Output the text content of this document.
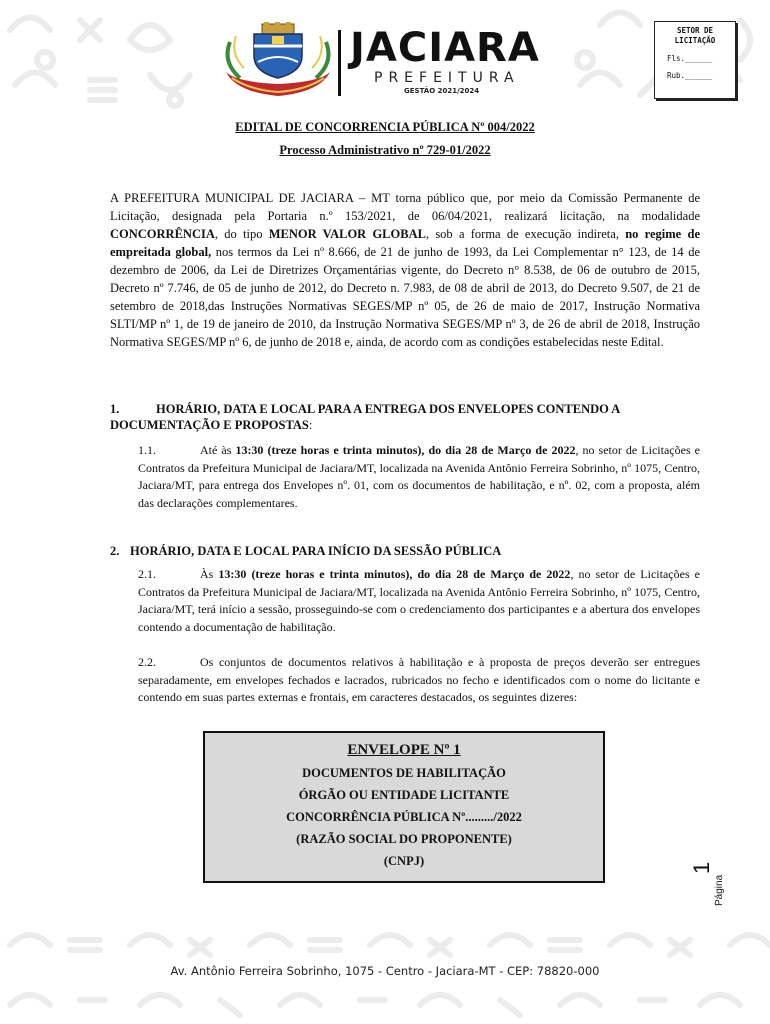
JACIARA
PREFEITURA
GESTÃO 2021/2024
SETOR DE
LICITAÇÃO
Fls.______
Rub.______
EDITAL DE CONCORRENCIA PÚBLICA Nº 004/2022
Processo Administrativo nº 729-01/2022
A PREFEITURA MUNICIPAL DE JACIARA – MT torna público que, por meio da Comissão Permanente de Licitação, designada pela Portaria n.º 153/2021, de 06/04/2021, realizará licitação, na modalidade CONCORRÊNCIA, do tipo MENOR VALOR GLOBAL, sob a forma de execução indireta, no regime de empreitada global, nos termos da Lei nº 8.666, de 21 de junho de 1993, da Lei Complementar n° 123, de 14 de dezembro de 2006, da Lei de Diretrizes Orçamentárias vigente, do Decreto n° 8.538, de 06 de outubro de 2015, Decreto nº 7.746, de 05 de junho de 2012, do Decreto n. 7.983, de 08 de abril de 2013, do Decreto 9.507, de 21 de setembro de 2018,das Instruções Normativas SEGES/MP nº 05, de 26 de maio de 2017, Instrução Normativa SLTI/MP nº 1, de 19 de janeiro de 2010, da Instrução Normativa SEGES/MP nº 3, de 26 de abril de 2018, Instrução Normativa SEGES/MP nº 6, de junho de 2018 e, ainda, de acordo com as condições estabelecidas neste Edital.
1.	HORÁRIO, DATA E LOCAL PARA A ENTREGA DOS ENVELOPES CONTENDO A DOCUMENTAÇÃO E PROPOSTAS:
1.1.	Até às 13:30 (treze horas e trinta minutos), do dia 28 de Março de 2022, no setor de Licitações e Contratos da Prefeitura Municipal de Jaciara/MT, localizada na Avenida Antônio Ferreira Sobrinho, nº 1075, Centro, Jaciara/MT, para entrega dos Envelopes nº. 01, com os documentos de habilitação, e nº. 02, com a proposta, além das declarações complementares.
2. HORÁRIO, DATA E LOCAL PARA INÍCIO DA SESSÃO PÚBLICA
2.1.	Às 13:30 (treze horas e trinta minutos), do dia 28 de Março de 2022, no setor de Licitações e Contratos da Prefeitura Municipal de Jaciara/MT, localizada na Avenida Antônio Ferreira Sobrinho, nº 1075, Centro, Jaciara/MT, terá início a sessão, prosseguindo-se com o credenciamento dos participantes e a abertura dos envelopes contendo a documentação de habilitação.
2.2.	Os conjuntos de documentos relativos à habilitação e à proposta de preços deverão ser entregues separadamente, em envelopes fechados e lacrados, rubricados no fecho e identificados com o nome do licitante e contendo em suas partes externas e frontais, em caracteres destacados, os seguintes dizeres:
ENVELOPE Nº 1
DOCUMENTOS DE HABILITAÇÃO
ÓRGÃO OU ENTIDADE LICITANTE
CONCORRÊNCIA PÚBLICA Nº........./2022
(RAZÃO SOCIAL DO PROPONENTE)
(CNPJ)	1
Página
Av. Antônio Ferreira Sobrinho, 1075 - Centro - Jaciara-MT - CEP: 78820-000
